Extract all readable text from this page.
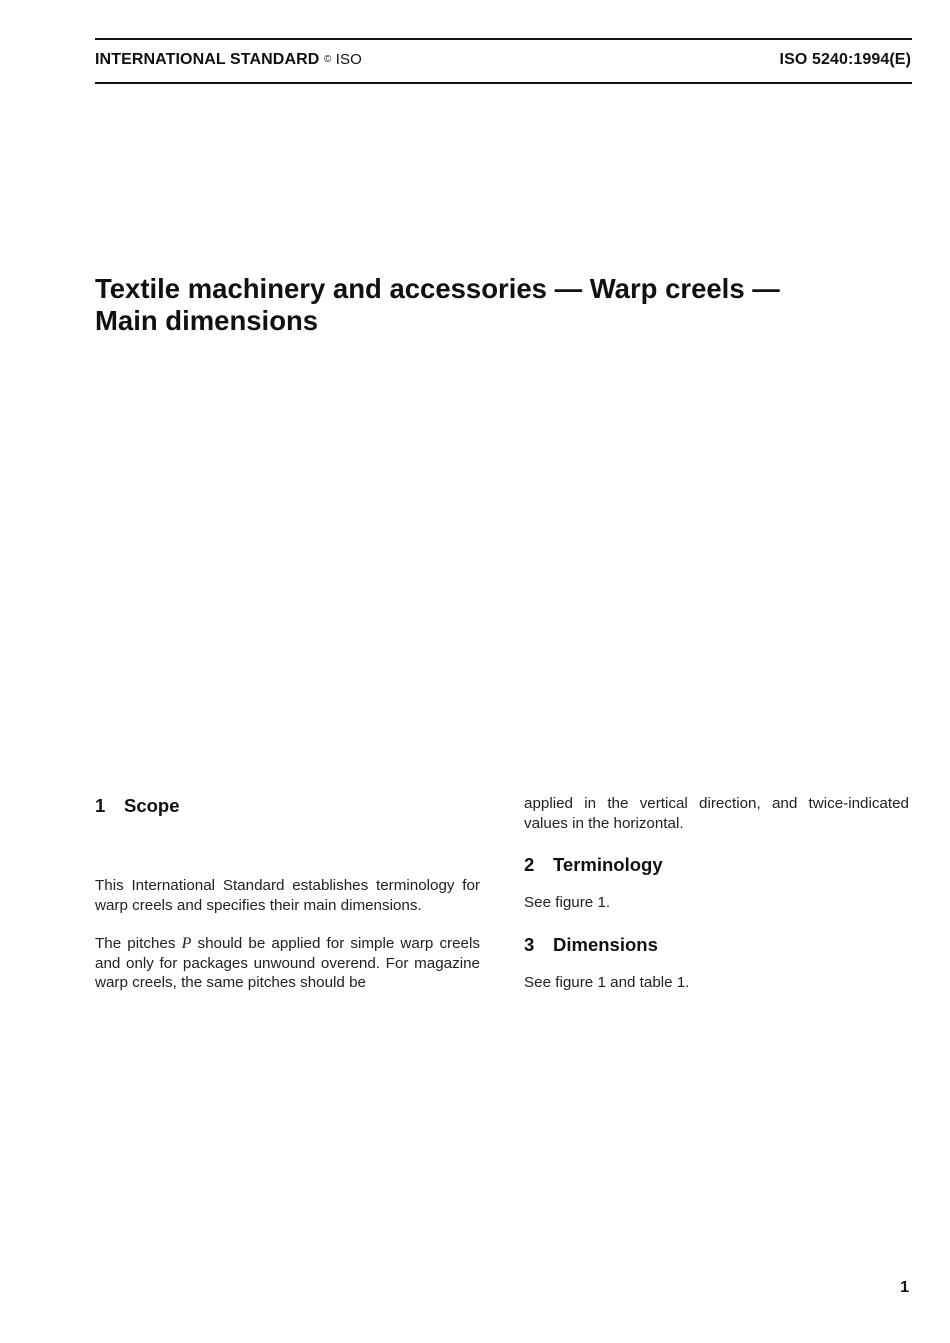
INTERNATIONAL STANDARD © ISO	ISO 5240:1994(E)
Textile machinery and accessories — Warp creels —
Main dimensions
1 Scope

This International Standard establishes terminology for warp creels and specifies their main dimensions.

The pitches P should be applied for simple warp creels and only for packages unwound overend. For magazine warp creels, the same pitches should be

applied in the vertical direction, and twice-indicated values in the horizontal.

2 Terminology

See figure 1.

3 Dimensions

See figure 1 and table 1.

1
